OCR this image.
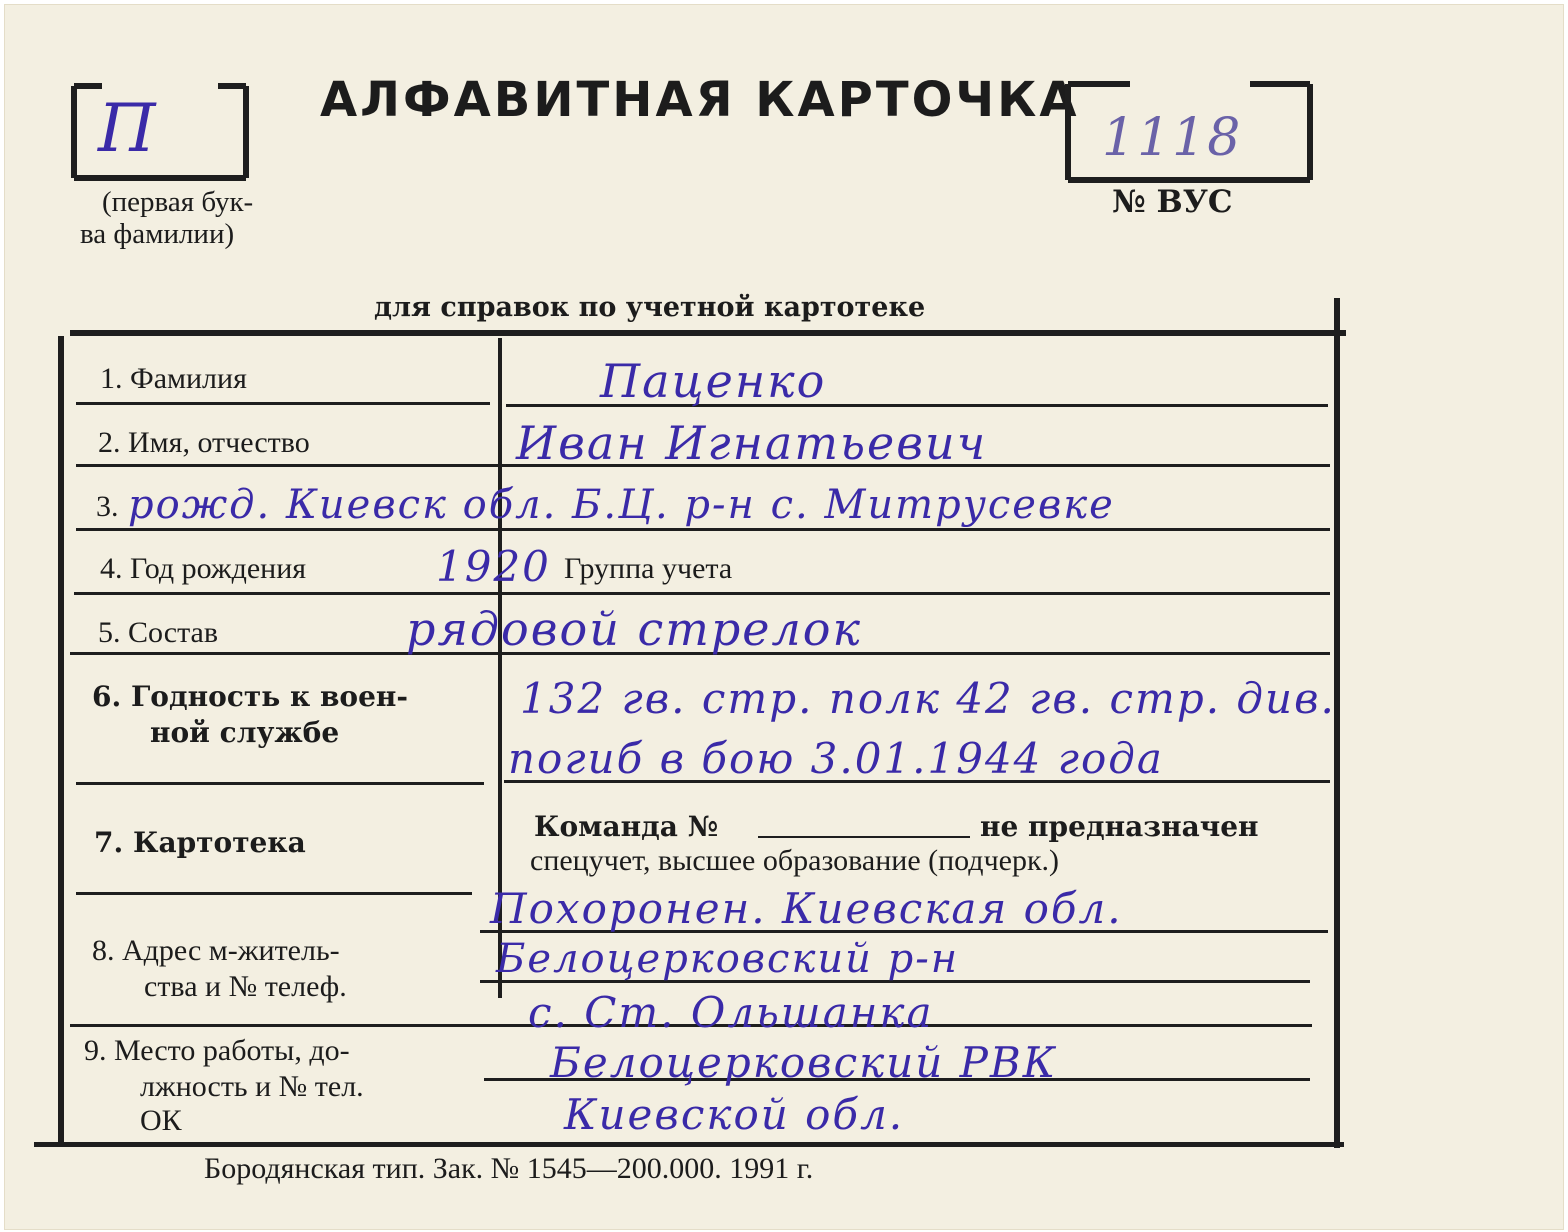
П
(первая бук-
ва фамилии)
АЛФАВИТНАЯ КАРТОЧКА
1118
№ ВУС
для справок по учетной картотеке
1. Фамилия	Паценко
2. Имя, отчество	Иван Игнатьевич
3. рожд. Киевск обл. Б.Ц. р-н с. Митрусевке
4. Год рождения	1920 Группа учета
5. Состав	рядовой стрелок
6. Годность к воен-
ной службе
132 гв. стр. полк 42 гв. стр. див.
погиб в бою 3.01.1944 года
7. Картотека	Команда №	не предназначен
спецучет, высшее образование (подчерк.)
8. Адрес м-житель-
ства и № телеф.
Похоронен. Киевская обл.
Белоцерковский р-н
с. Ст. Ольшанка
9. Место работы, до-
лжность и № тел.
ОК
Белоцерковский РВК
Киевской обл.
Бородянская тип. Зак. № 1545—200.000. 1991 г.
